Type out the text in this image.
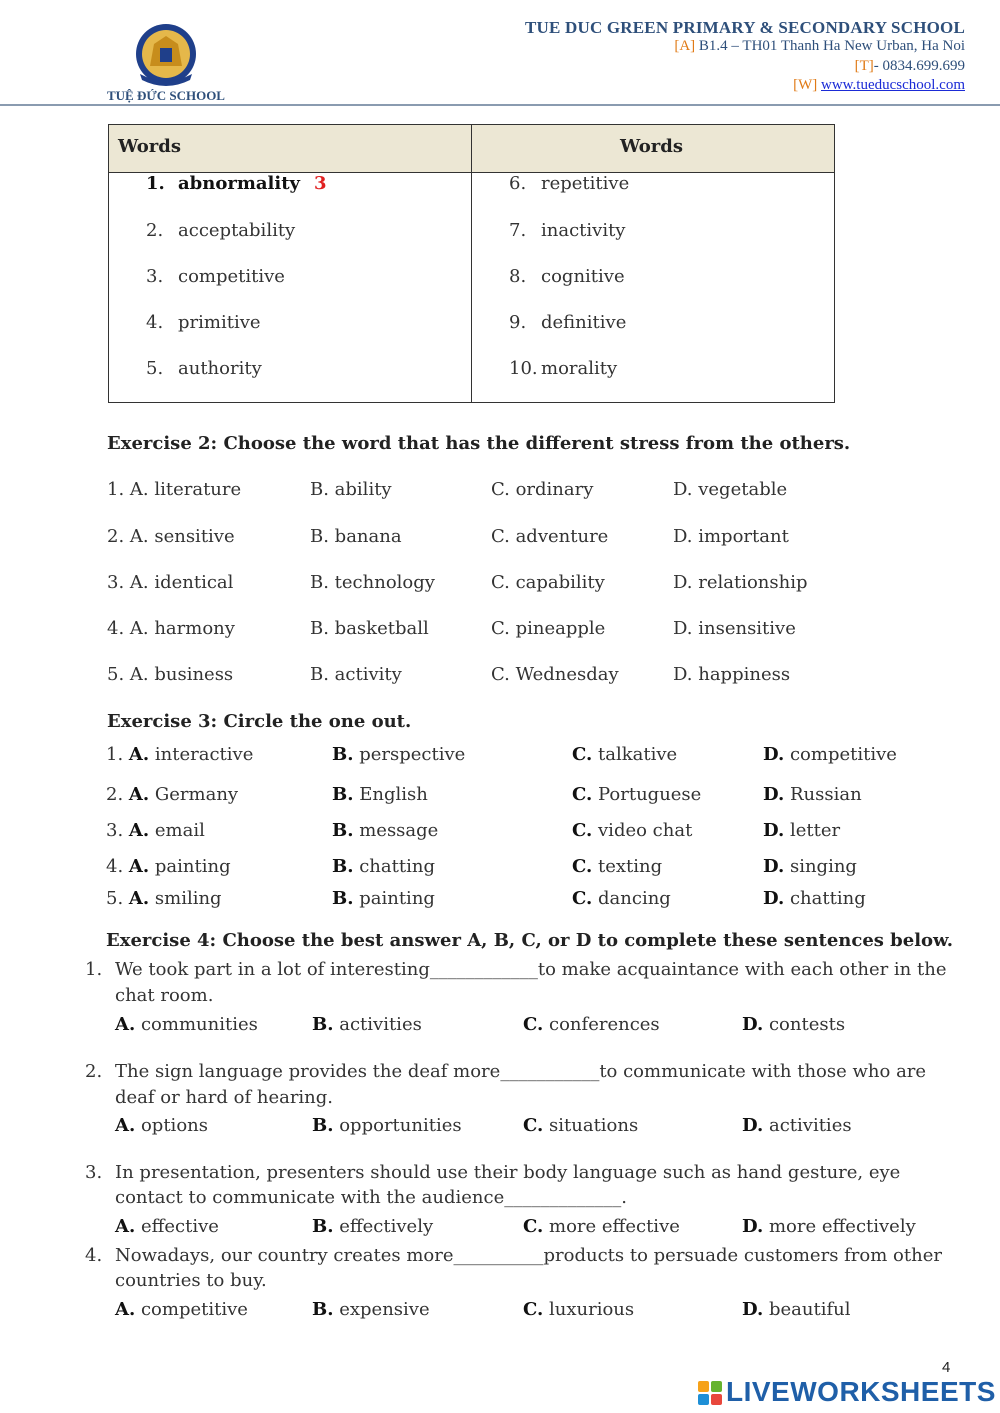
TUỆ ĐỨC SCHOOL
TUE DUC GREEN PRIMARY & SECONDARY SCHOOL
[A] B1.4 – TH01 Thanh Ha New Urban, Ha Noi
[T]- 0834.699.699
[W] www.tueducschool.com
Words	Words
1. abnormality 3
2. acceptability
3. competitive
4. primitive
5. authority
6. repetitive
7. inactivity
8. cognitive
9. definitive
10. morality
Exercise 2: Choose the word that has the different stress from the others.
1. A. literature	B. ability	C. ordinary	D. vegetable
2. A. sensitive	B. banana	C. adventure	D. important
3. A. identical	B. technology	C. capability	D. relationship
4. A. harmony	B. basketball	C. pineapple	D. insensitive
5. A. business	B. activity	C. Wednesday	D. happiness
Exercise 3: Circle the one out.
1. A. interactive	B. perspective	C. talkative	D. competitive
2. A. Germany	B. English	C. Portuguese	D. Russian
3. A. email	B. message	C. video chat	D. letter
4. A. painting	B. chatting	C. texting	D. singing
5. A. smiling	B. painting	C. dancing	D. chatting
Exercise 4: Choose the best answer A, B, C, or D to complete these sentences below.
1. We took part in a lot of interesting____________to make acquaintance with each other in the
chat room.
A. communities	B. activities	C. conferences	D. contests
2. The sign language provides the deaf more___________to communicate with those who are
deaf or hard of hearing.
A. options	B. opportunities	C. situations	D. activities
3. In presentation, presenters should use their body language such as hand gesture, eye
contact to communicate with the audience_____________.
A. effective	B. effectively	C. more effective	D. more effectively
4. Nowadays, our country creates more__________products to persuade customers from other
countries to buy.
A. competitive	B. expensive	C. luxurious	D. beautiful
4
LIVEWORKSHEETS
